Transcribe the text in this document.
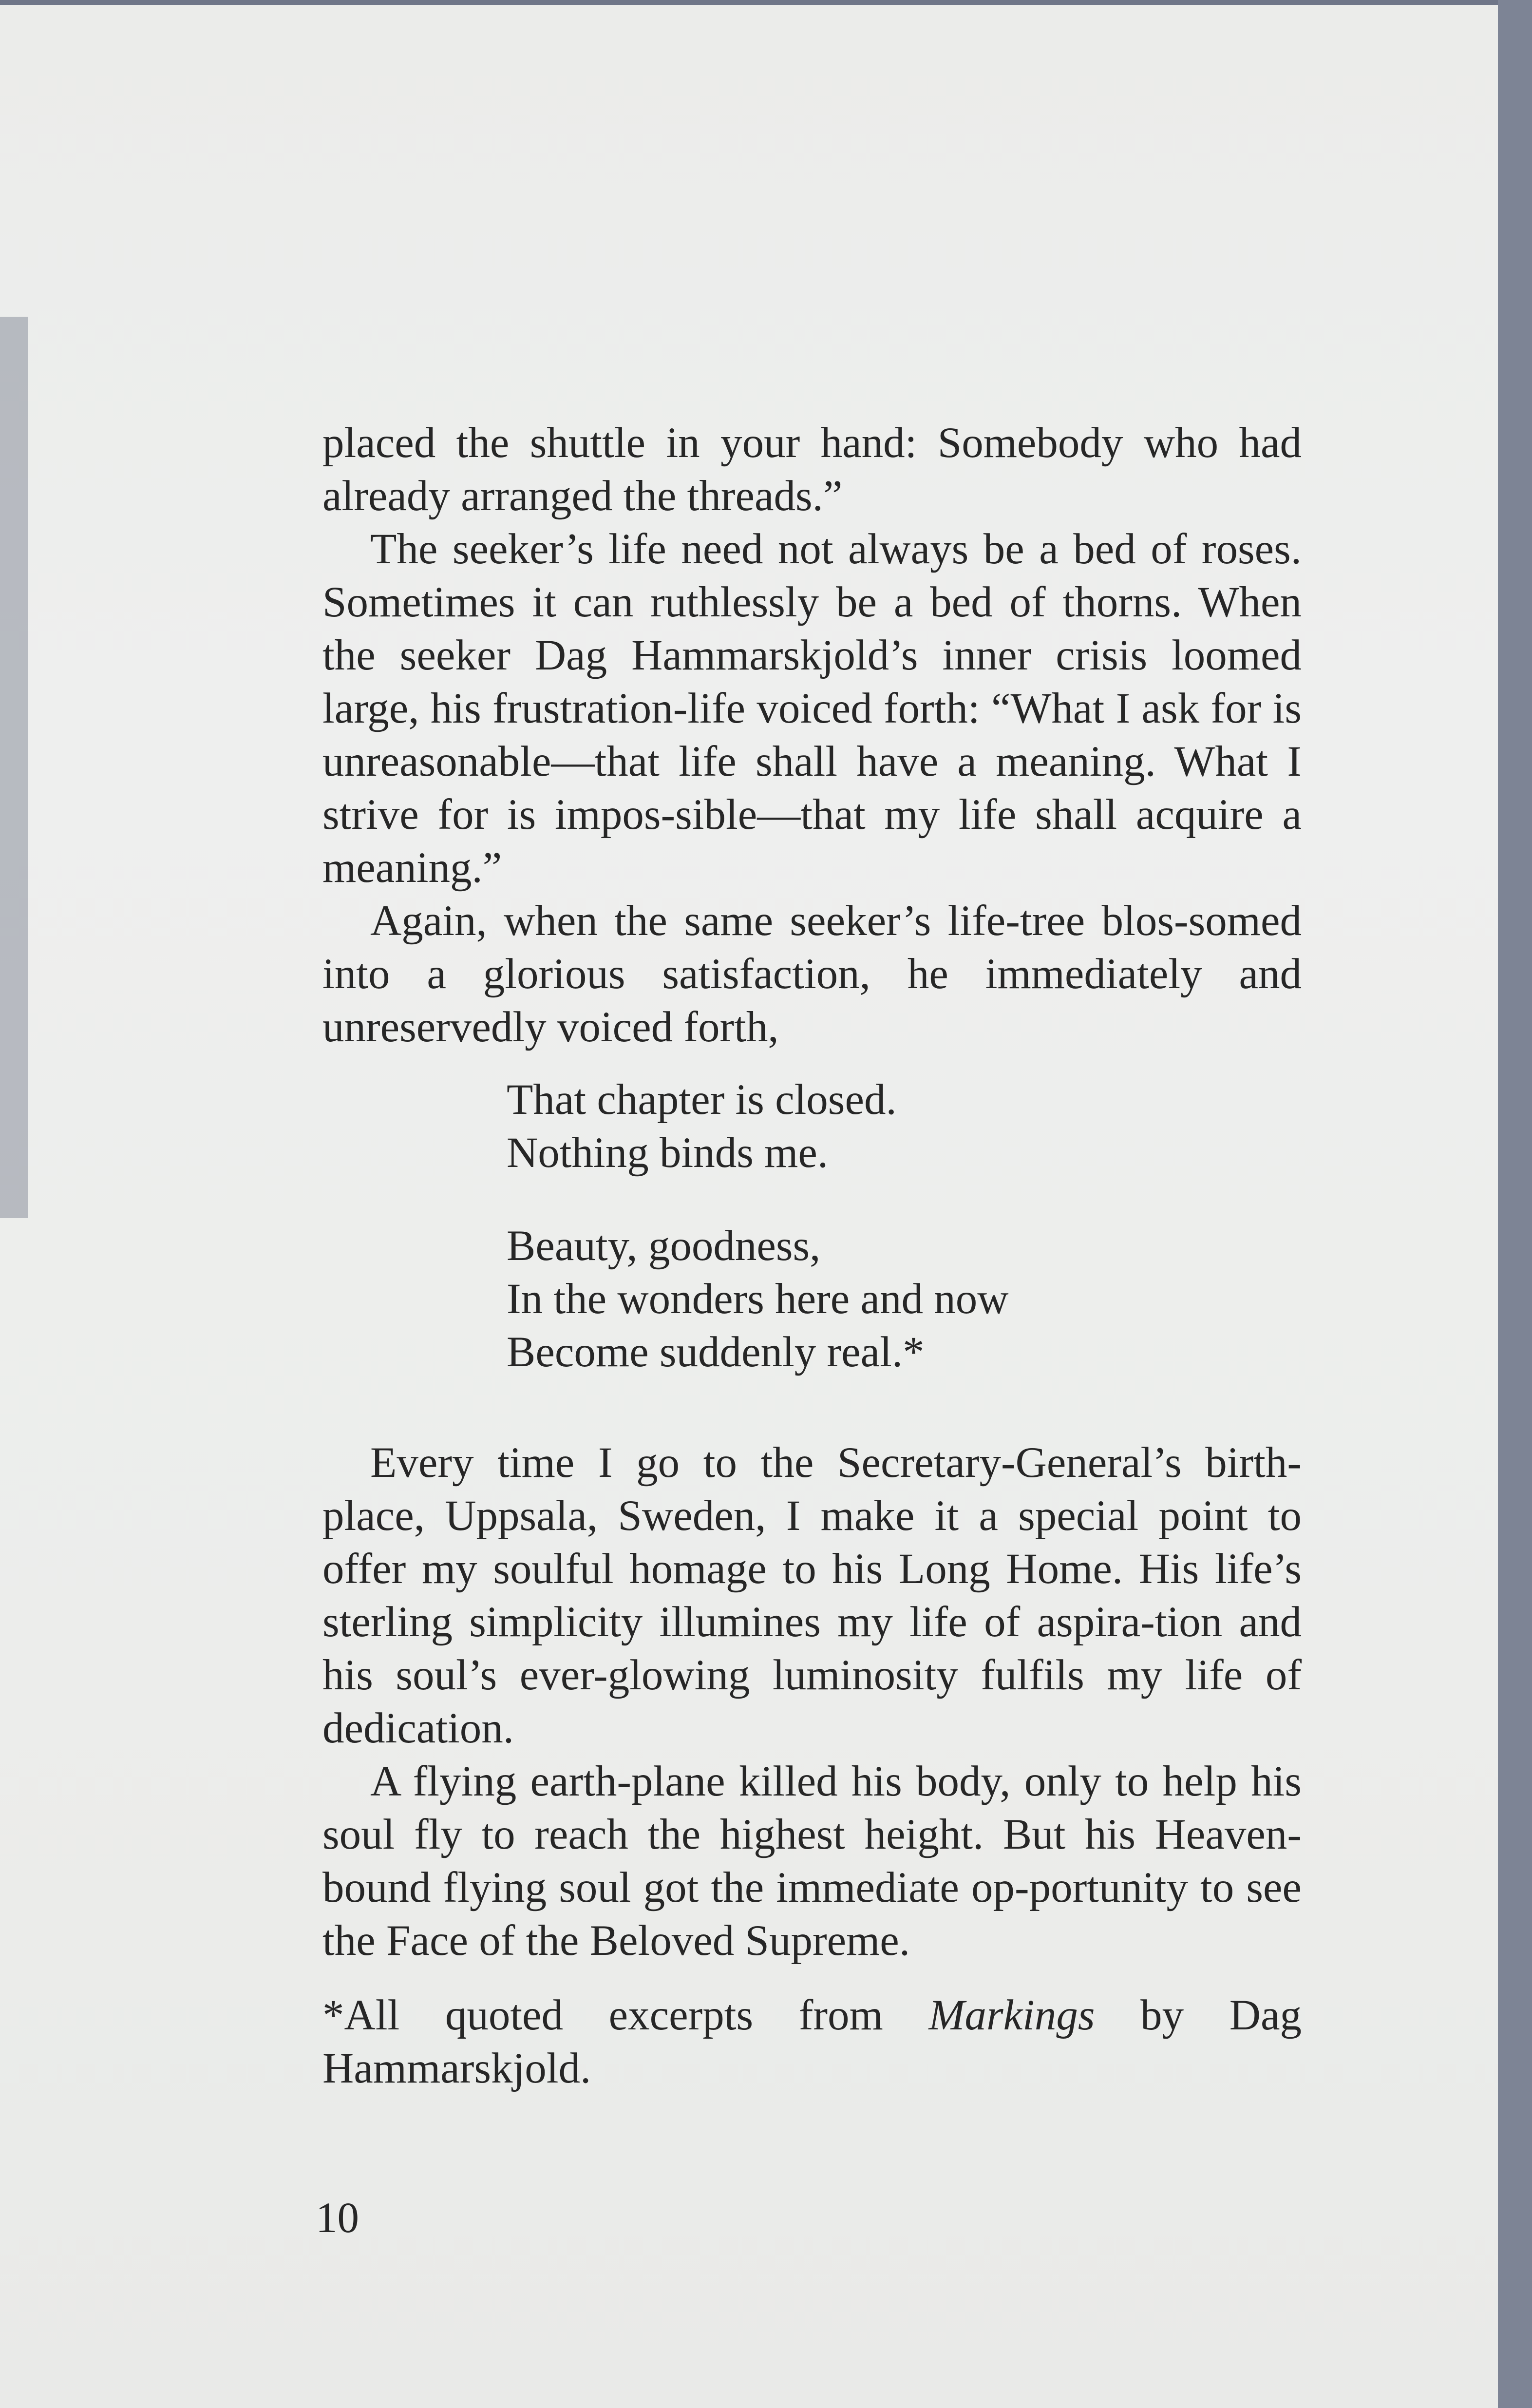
placed the shuttle in your hand: Somebody who had already arranged the threads.”

The seeker’s life need not always be a bed of roses. Sometimes it can ruthlessly be a bed of thorns. When the seeker Dag Hammarskjold’s inner crisis loomed large, his frustration-life voiced forth: “What I ask for is unreasonable—that life shall have a meaning. What I strive for is impos-sible—that my life shall acquire a meaning.”

Again, when the same seeker’s life-tree blos-somed into a glorious satisfaction, he immediately and unreservedly voiced forth,

That chapter is closed.
Nothing binds me.
Beauty, goodness,
In the wonders here and now
Become suddenly real.*

Every time I go to the Secretary-General’s birth-place, Uppsala, Sweden, I make it a special point to offer my soulful homage to his Long Home. His life’s sterling simplicity illumines my life of aspira-tion and his soul’s ever-glowing luminosity fulfils my life of dedication.

A flying earth-plane killed his body, only to help his soul fly to reach the highest height. But his Heaven-bound flying soul got the immediate op-portunity to see the Face of the Beloved Supreme.

*All quoted excerpts from Markings by Dag Hammarskjold.

10
